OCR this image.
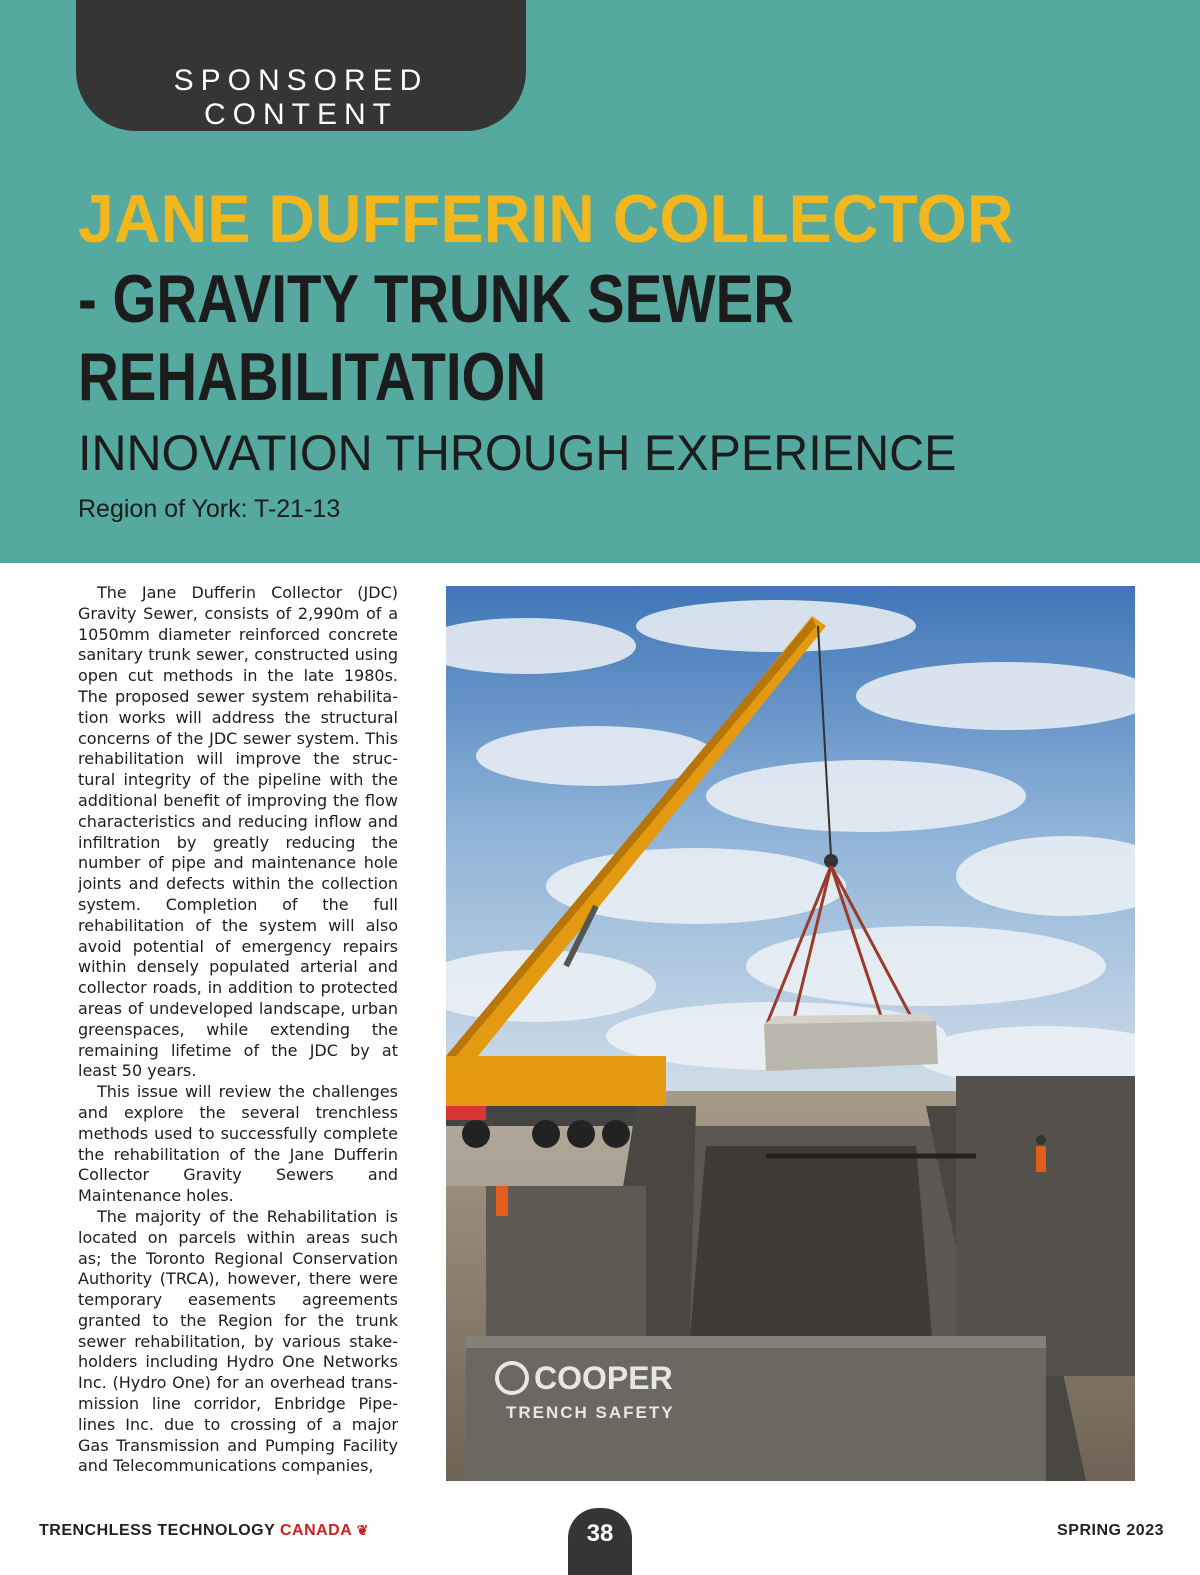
SPONSORED CONTENT
JANE DUFFERIN COLLECTOR
- GRAVITY TRUNK SEWER
REHABILITATION
INNOVATION THROUGH EXPERIENCE
Region of York: T-21-13

The Jane Dufferin Collector (JDC) Gravity Sewer, consists of 2,990m of a 1050mm diameter reinforced concrete sanitary trunk sewer, constructed using open cut methods in the late 1980s. The proposed sewer system rehabilitation works will address the structural concerns of the JDC sewer system. This rehabilitation will improve the structural integrity of the pipeline with the additional benefit of improving the flow characteristics and reducing inflow and infiltration by greatly reducing the number of pipe and maintenance hole joints and defects within the collection system. Completion of the full rehabilitation of the system will also avoid potential of emergency repairs within densely populated arterial and collector roads, in addition to protected areas of undeveloped landscape, urban greenspaces, while extending the remaining lifetime of the JDC by at least 50 years.

This issue will review the challenges and explore the several trenchless methods used to successfully complete the rehabilitation of the Jane Dufferin Collector Gravity Sewers and Maintenance holes.

The majority of the Rehabilitation is located on parcels within areas such as; the Toronto Regional Conservation Authority (TRCA), however, there were temporary easements agreements granted to the Region for the trunk sewer rehabilitation, by various stakeholders including Hydro One Networks Inc. (Hydro One) for an overhead transmission line corridor, Enbridge Pipelines Inc. due to crossing of a major Gas Transmission and Pumping Facility and Telecommunications companies,

COOPER
TRENCH SAFETY
TRENCHLESS TECHNOLOGY CANADA ❦	38	SPRING 2023
